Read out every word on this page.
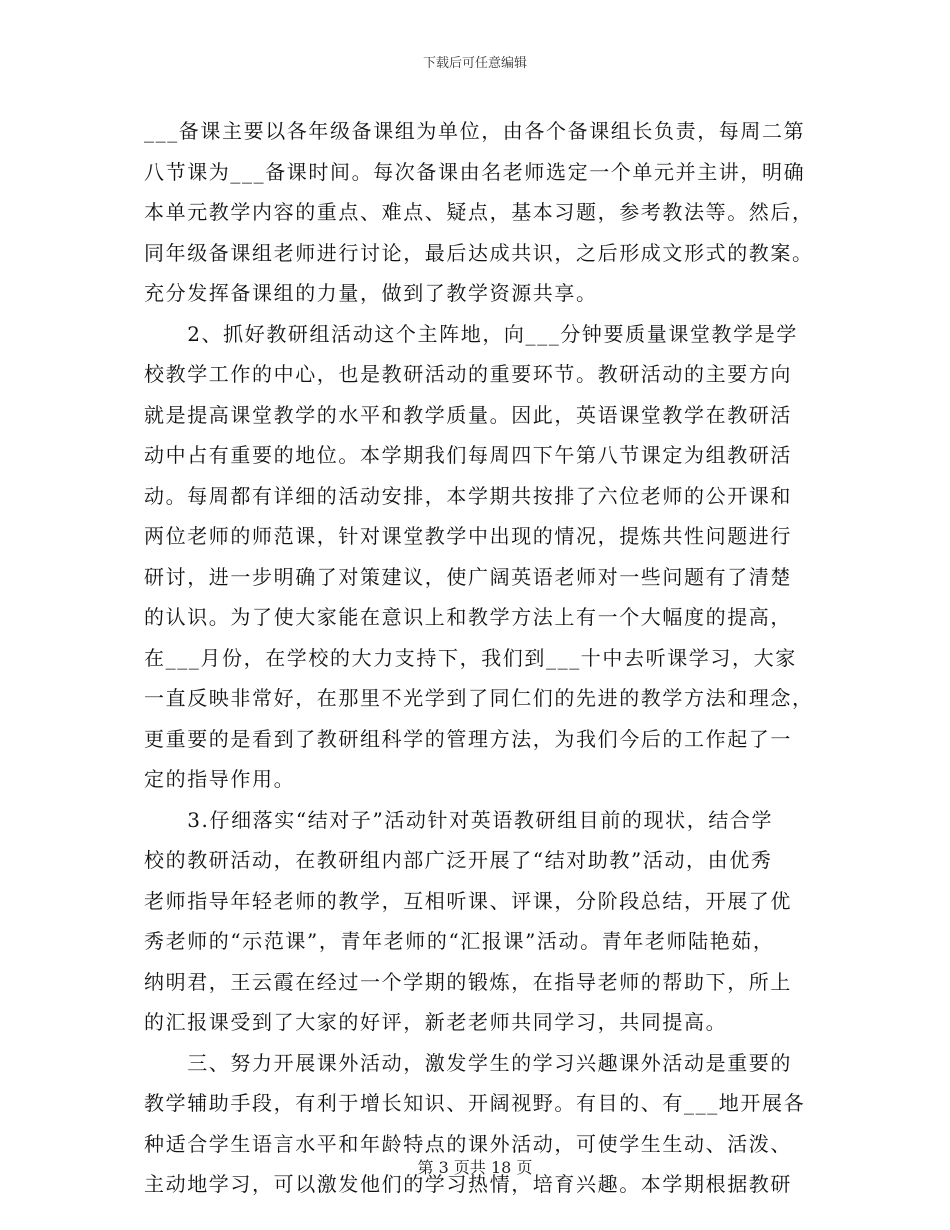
下载后可任意编辑
___备课主要以各年级备课组为单位，由各个备课组长负责，每周二第
八节课为___备课时间。每次备课由名老师选定一个单元并主讲，明确
本单元教学内容的重点、难点、疑点，基本习题，参考教法等。然后，
同年级备课组老师进行讨论，最后达成共识，之后形成文形式的教案。
充分发挥备课组的力量，做到了教学资源共享。
　　2、抓好教研组活动这个主阵地，向___分钟要质量课堂教学是学
校教学工作的中心，也是教研活动的重要环节。教研活动的主要方向
就是提高课堂教学的水平和教学质量。因此，英语课堂教学在教研活
动中占有重要的地位。本学期我们每周四下午第八节课定为组教研活
动。每周都有详细的活动安排，本学期共按排了六位老师的公开课和
两位老师的师范课，针对课堂教学中出现的情况，提炼共性问题进行
研讨，进一步明确了对策建议，使广阔英语老师对一些问题有了清楚
的认识。为了使大家能在意识上和教学方法上有一个大幅度的提高，
在___月份，在学校的大力支持下，我们到___十中去听课学习，大家
一直反映非常好，在那里不光学到了同仁们的先进的教学方法和理念，
更重要的是看到了教研组科学的管理方法，为我们今后的工作起了一
定的指导作用。
　　3.仔细落实“结对子”活动针对英语教研组目前的现状，结合学
校的教研活动，在教研组内部广泛开展了“结对助教”活动，由优秀
老师指导年轻老师的教学，互相听课、评课，分阶段总结，开展了优
秀老师的“示范课”，青年老师的“汇报课”活动。青年老师陆艳茹，
纳明君，王云霞在经过一个学期的锻炼，在指导老师的帮助下，所上
的汇报课受到了大家的好评，新老老师共同学习，共同提高。
　　三、努力开展课外活动，激发学生的学习兴趣课外活动是重要的
教学辅助手段，有利于增长知识、开阔视野。有目的、有___地开展各
种适合学生语言水平和年龄特点的课外活动，可使学生生动、活泼、
主动地学习，可以激发他们的学习热情，培育兴趣。本学期根据教研
第 3 页共 18 页
